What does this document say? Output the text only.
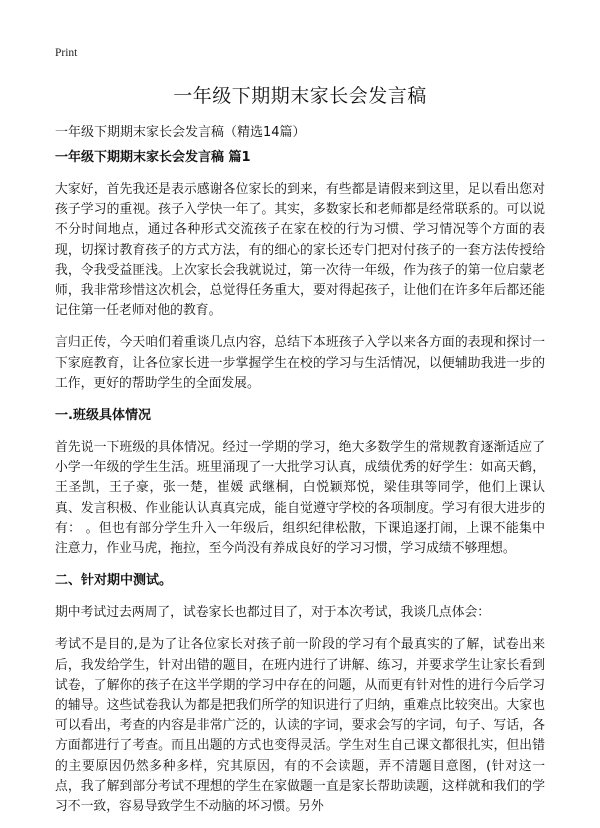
Print
一年级下期期末家长会发言稿
一年级下期期末家长会发言稿（精选14篇）
一年级下期期末家长会发言稿 篇1

大家好，首先我还是表示感谢各位家长的到来，有些都是请假来到这里，足以看出您对孩子学习的重视。孩子入学快一年了。其实，多数家长和老师都是经常联系的。可以说不分时间地点，通过各种形式交流孩子在家在校的行为习惯、学习情况等个方面的表现，切探讨教育孩子的方式方法，有的细心的家长还专门把对付孩子的一套方法传授给我，令我受益匪浅。上次家长会我就说过，第一次待一年级，作为孩子的第一位启蒙老师，我非常珍惜这次机会，总觉得任务重大，要对得起孩子，让他们在许多年后都还能记住第一任老师对他的教育。

言归正传，今天咱们着重谈几点内容，总结下本班孩子入学以来各方面的表现和探讨一下家庭教育，让各位家长进一步掌握学生在校的学习与生活情况，以便辅助我进一步的工作，更好的帮助学生的全面发展。

一.班级具体情况

首先说一下班级的具体情况。经过一学期的学习，绝大多数学生的常规教育逐渐适应了小学一年级的学生生活。班里涌现了一大批学习认真，成绩优秀的好学生：如高天鹤，王圣凯，王子豪，张一楚，崔媛 武继桐，白悦颖郑悦，梁佳琪等同学，他们上课认真、发言积极、作业能认认真真完成，能自觉遵守学校的各项制度。学习有很大进步的有： 。但也有部分学生升入一年级后，组织纪律松散，下课追逐打闹，上课不能集中注意力，作业马虎，拖拉，至今尚没有养成良好的学习习惯，学习成绩不够理想。

二、针对期中测试。

期中考试过去两周了，试卷家长也都过目了，对于本次考试，我谈几点体会：

考试不是目的,是为了让各位家长对孩子前一阶段的学习有个最真实的了解，试卷出来后，我发给学生，针对出错的题目，在班内进行了讲解、练习，并要求学生让家长看到试卷，了解你的孩子在这半学期的学习中存在的问题，从而更有针对性的进行今后学习的辅导。这些试卷我认为都是把我们所学的知识进行了归纳，重难点比较突出。大家也可以看出，考查的内容是非常广泛的，认读的字词，要求会写的字词，句子、写话，各方面都进行了考查。而且出题的方式也变得灵活。学生对生自己课文都很扎实，但出错的主要原因仍然多种多样，究其原因，有的不会读题，弄不清题目意图，(针对这一点，我了解到部分考试不理想的学生在家做题一直是家长帮助读题，这样就和我们的学习不一致，容易导致学生不动脑的坏习惯。另外
